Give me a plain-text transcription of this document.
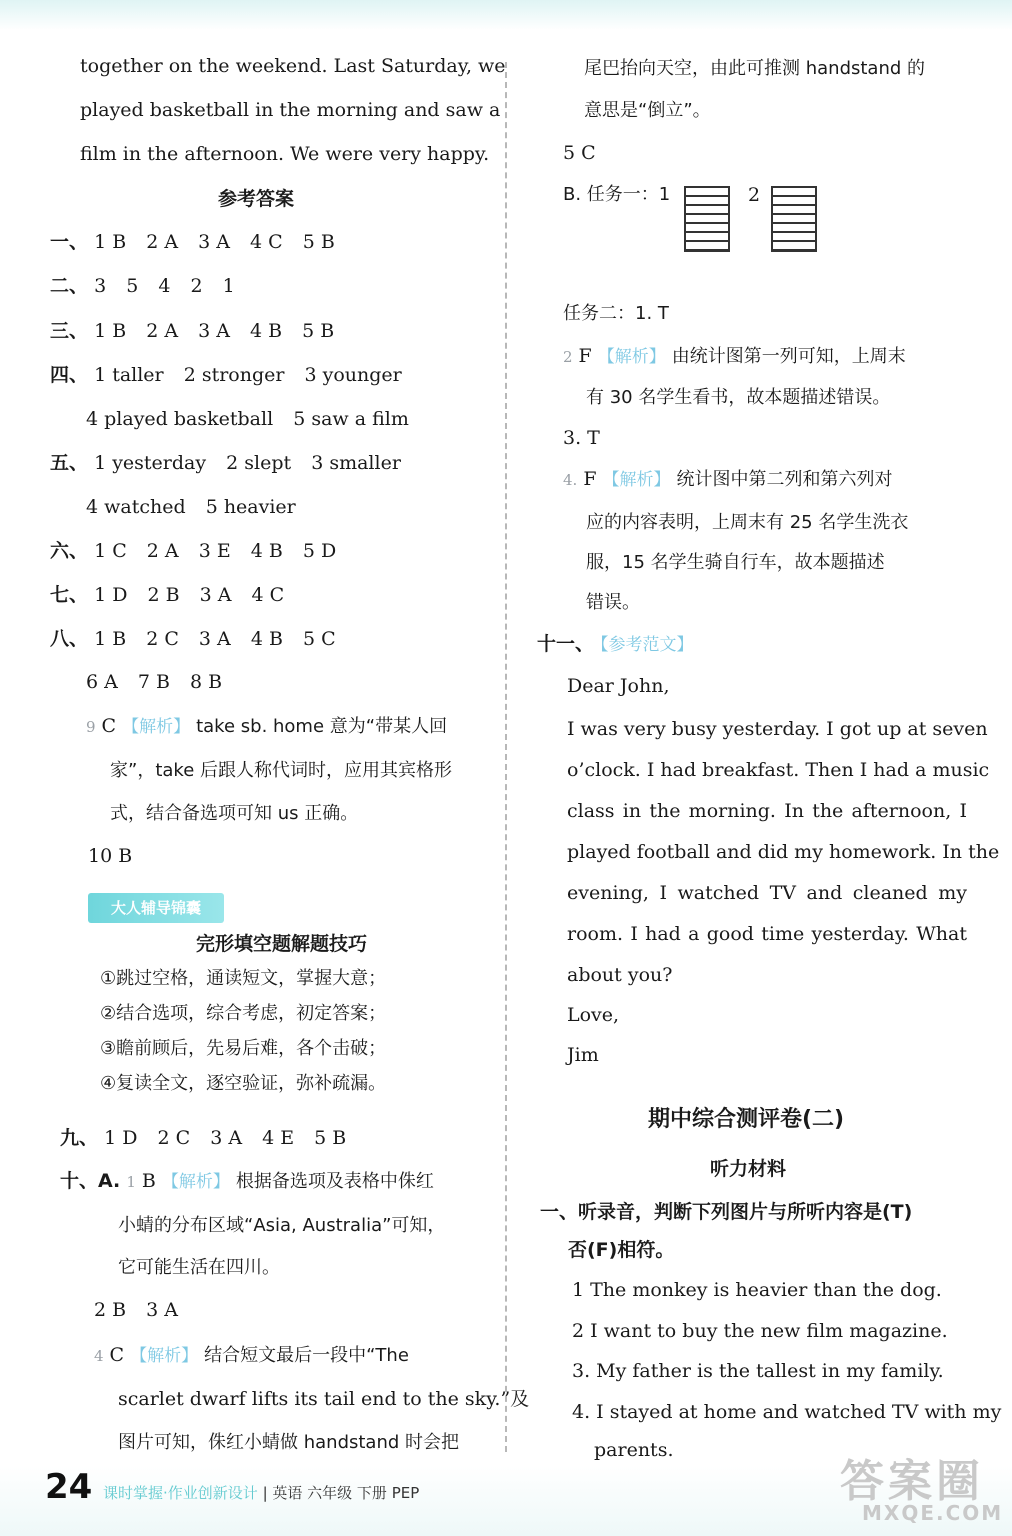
together on the weekend. Last Saturday, we
played basketball in the morning and saw a
film in the afternoon. We were very happy.
参考答案
一、 1 B 2 A 3 A 4 C 5 B
二、 3 5 4 2 1
三、 1 B 2 A 3 A 4 B 5 B
四、 1 taller 2 stronger 3 younger
4 played basketball 5 saw a film
五、 1 yesterday 2 slept 3 smaller
4 watched 5 heavier
六、 1 C 2 A 3 E 4 B 5 D
七、 1 D 2 B 3 A 4 C
八、 1 B 2 C 3 A 4 B 5 C
6 A 7 B 8 B
9 C 【解析】 take sb. home 意为“带某人回
家”，take 后跟人称代词时，应用其宾格形
式，结合备选项可知 us 正确。
10 B
大人辅导锦囊
完形填空题解题技巧
①跳过空格，通读短文，掌握大意；
②结合选项，综合考虑，初定答案；
③瞻前顾后，先易后难，各个击破；
④复读全文，逐空验证，弥补疏漏。
九、 1 D 2 C 3 A 4 E 5 B
十、A. 1 B 【解析】 根据备选项及表格中侏红
小蜻的分布区域“Asia, Australia”可知，
它可能生活在四川。
2 B 3 A
4 C 【解析】 结合短文最后一段中“The
scarlet dwarf lifts its tail end to the sky.”及
图片可知，侏红小蜻做 handstand 时会把
尾巴抬向天空，由此可推测 handstand 的
意思是“倒立”。
5 C
B. 任务一：1	2
任务二：1. T
2 F 【解析】 由统计图第一列可知，上周末
有 30 名学生看书，故本题描述错误。
3. T
4. F 【解析】 统计图中第二列和第六列对
应的内容表明，上周末有 25 名学生洗衣
服，15 名学生骑自行车，故本题描述
错误。
十一、 【参考范文】
Dear John,
I was very busy yesterday. I got up at seven
o’clock. I had breakfast. Then I had a music
class in the morning. In the afternoon, I
played football and did my homework. In the
evening, I watched TV and cleaned my
room. I had a good time yesterday. What
about you?
Love,
Jim
期中综合测评卷(二)
听力材料
一、听录音，判断下列图片与所听内容是(T)
否(F)相符。
1 The monkey is heavier than the dog.
2 I want to buy the new film magazine.
3. My father is the tallest in my family.
4. I stayed at home and watched TV with my
parents.
24 课时掌握·作业创新设计 | 英语 六年级 下册 PEP	答案圈
MXQE.COM
